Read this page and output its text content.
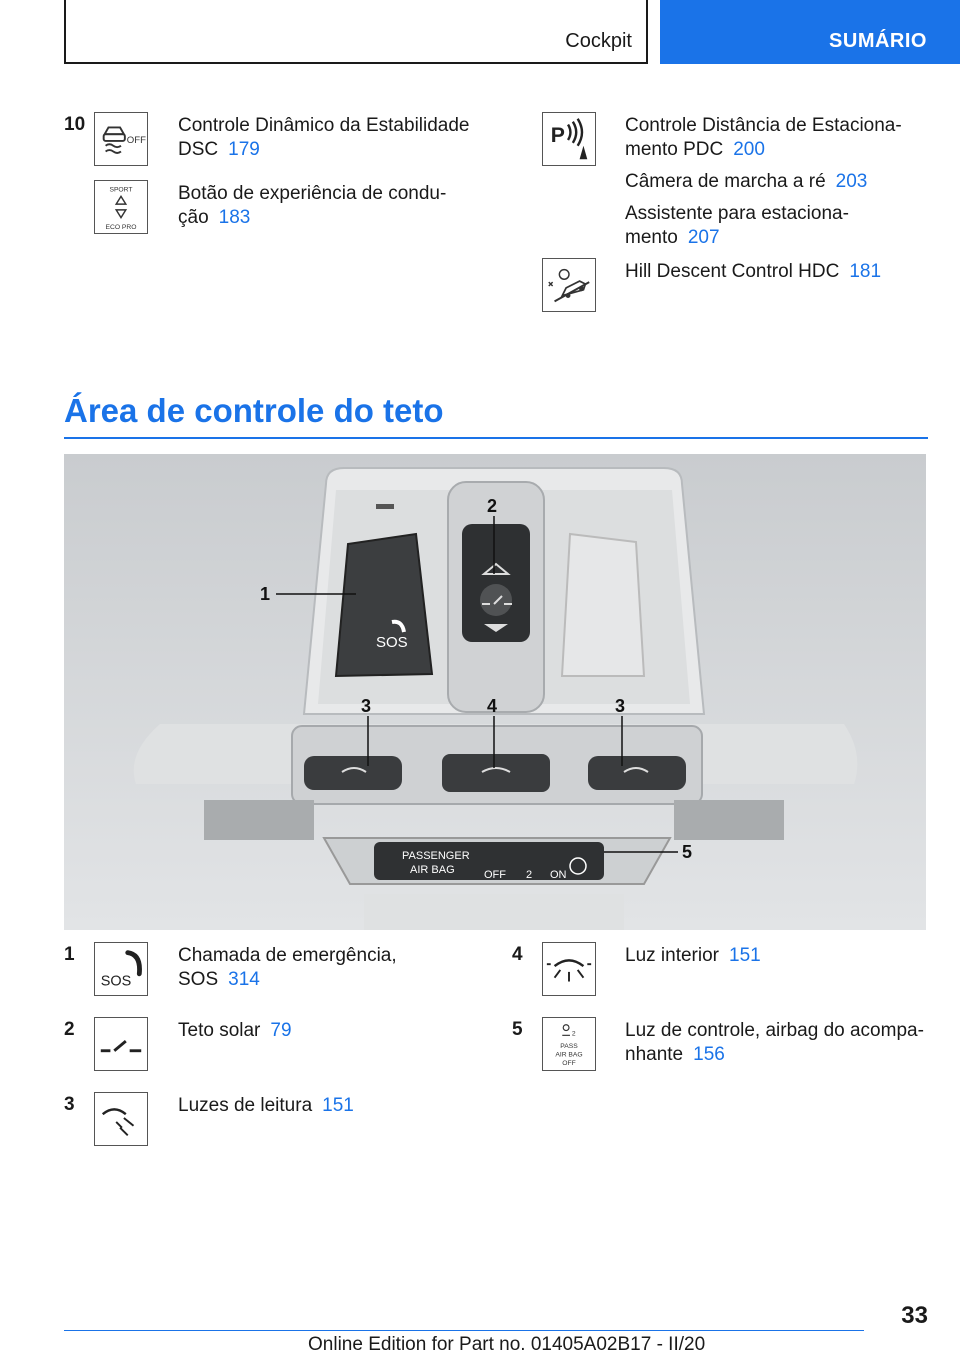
Cockpit	SUMÁRIO
10
OFF
Controle Dinâmico da Estabilidade
DSC 179
SPORT
ECO PRO
Botão de experiência de condu-
ção 183
P	Controle Distância de Estaciona-
mento PDC 200
Câmera de marcha a ré 203
Assistente para estaciona-
mento 207
Hill Descent Control HDC 181
Área de controle do teto
SOS
PASSENGER
AIR BAG	OFF 2 ON
1
2
3	4	3
5
1
SOS
Chamada de emergência,
SOS 314
2	Teto solar 79
3	Luzes de leitura 151
4	Luz interior 151
5	2
PASS
AIR BAG
OFF
Luz de controle, airbag do acompa-
nhante 156
33
Online Edition for Part no. 01405A02B17 - II/20
